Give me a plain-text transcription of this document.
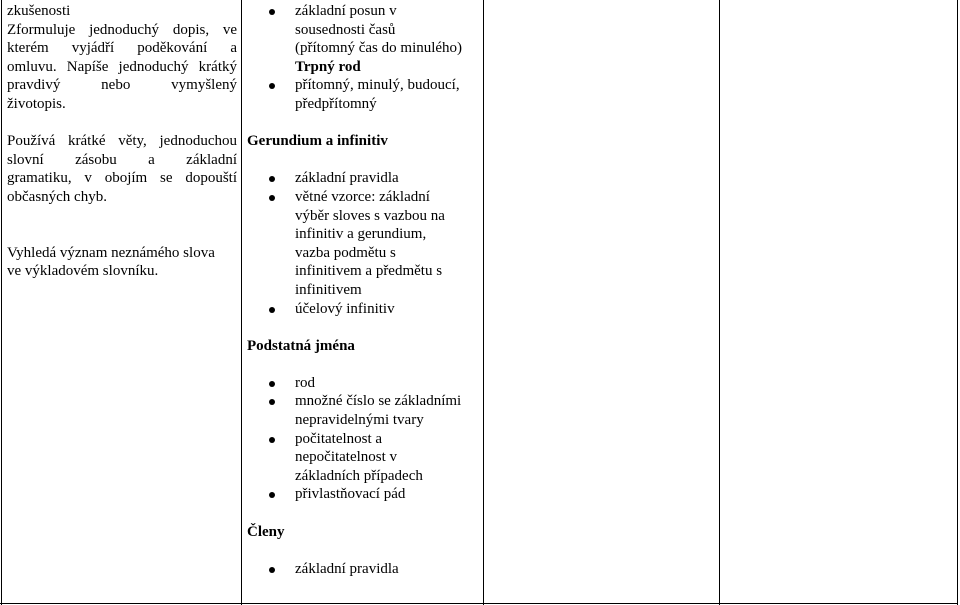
zkušenosti
Zformuluje jednoduchý dopis, ve
kterém vyjádří poděkování a
omluvu. Napíše jednoduchý krátký
pravdivý nebo vymyšlený
životopis.

Používá krátké věty, jednoduchou
slovní zásobu a základní
gramatiku, v obojím se dopouští
občasných chyb.

Vyhledá význam neznámého slova
ve výkladovém slovníku.

základní posun v
sousednosti časů
(přítomný čas do minulého)
Trpný rod
přítomný, minulý, budoucí,
předpřítomný
Gerundium a infinitiv
základní pravidla
větné vzorce: základní
výběr sloves s vazbou na
infinitiv a gerundium,
vazba podmětu s
infinitivem a předmětu s
infinitivem
účelový infinitiv
Podstatná jména
rod
množné číslo se základními
nepravidelnými tvary
počitatelnost a
nepočitatelnost v
základních případech
přivlastňovací pád
Členy
základní pravidla
